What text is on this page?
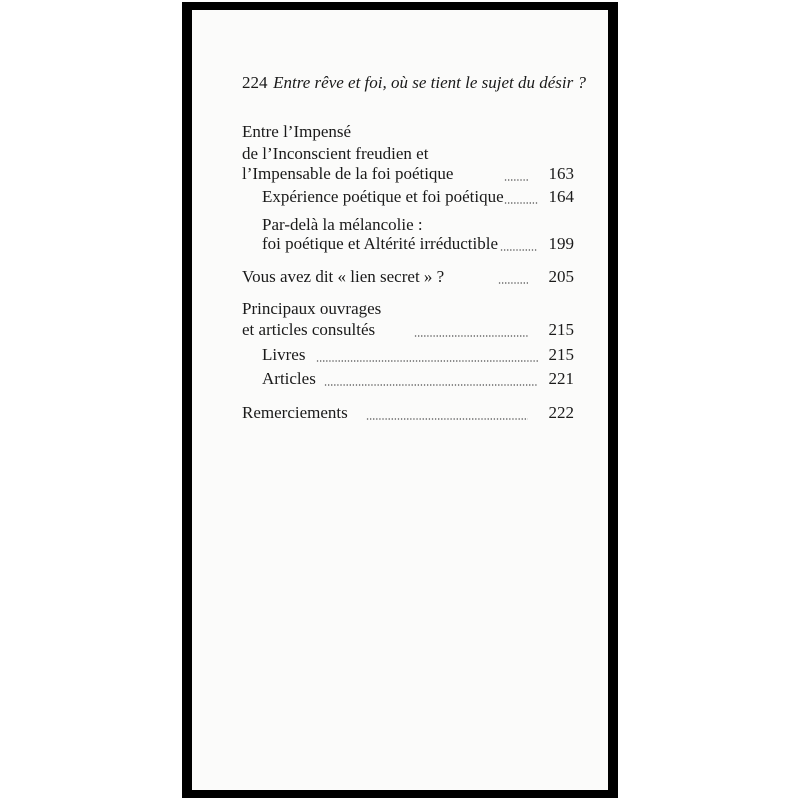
224 Entre rêve et foi, où se tient le sujet du désir ?
Entre l’Impensé
de l’Inconscient freudien et
l’Impensable de la foi poétique	163
Expérience poétique et foi poétique	164
Par-delà la mélancolie :
foi poétique et Altérité irréductible	199
Vous avez dit « lien secret » ?	205
Principaux ouvrages
et articles consultés	215
Livres	215
Articles	221
Remerciements	222
